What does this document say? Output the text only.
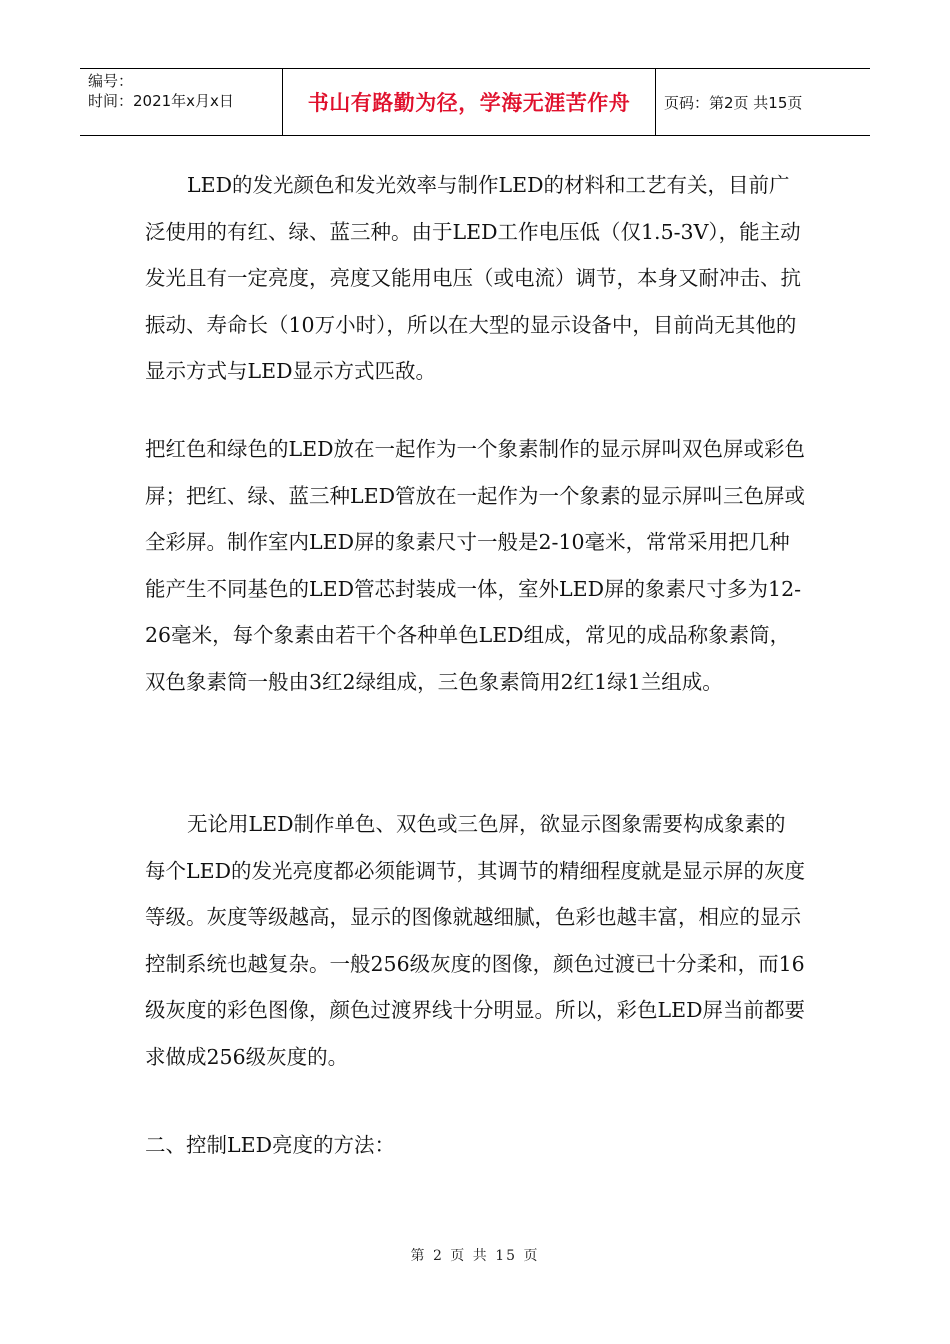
编号：
时间：2021年x月x日	书山有路勤为径，学海无涯苦作舟	页码：第2页 共15页

LED的发光颜色和发光效率与制作LED的材料和工艺有关，目前广泛使用的有红、绿、蓝三种。由于LED工作电压低（仅1.5-3V），能主动发光且有一定亮度，亮度又能用电压（或电流）调节，本身又耐冲击、抗振动、寿命长（10万小时），所以在大型的显示设备中，目前尚无其他的显示方式与LED显示方式匹敌。

把红色和绿色的LED放在一起作为一个象素制作的显示屏叫双色屏或彩色屏；把红、绿、蓝三种LED管放在一起作为一个象素的显示屏叫三色屏或全彩屏。制作室内LED屏的象素尺寸一般是2-10毫米，常常采用把几种能产生不同基色的LED管芯封装成一体，室外LED屏的象素尺寸多为12-26毫米，每个象素由若干个各种单色LED组成，常见的成品称象素筒，双色象素筒一般由3红2绿组成，三色象素筒用2红1绿1兰组成。

无论用LED制作单色、双色或三色屏，欲显示图象需要构成象素的每个LED的发光亮度都必须能调节，其调节的精细程度就是显示屏的灰度等级。灰度等级越高，显示的图像就越细腻，色彩也越丰富，相应的显示控制系统也越复杂。一般256级灰度的图像，颜色过渡已十分柔和，而16级灰度的彩色图像，颜色过渡界线十分明显。所以，彩色LED屏当前都要求做成256级灰度的。

二、控制LED亮度的方法：

第 2 页 共 15 页
